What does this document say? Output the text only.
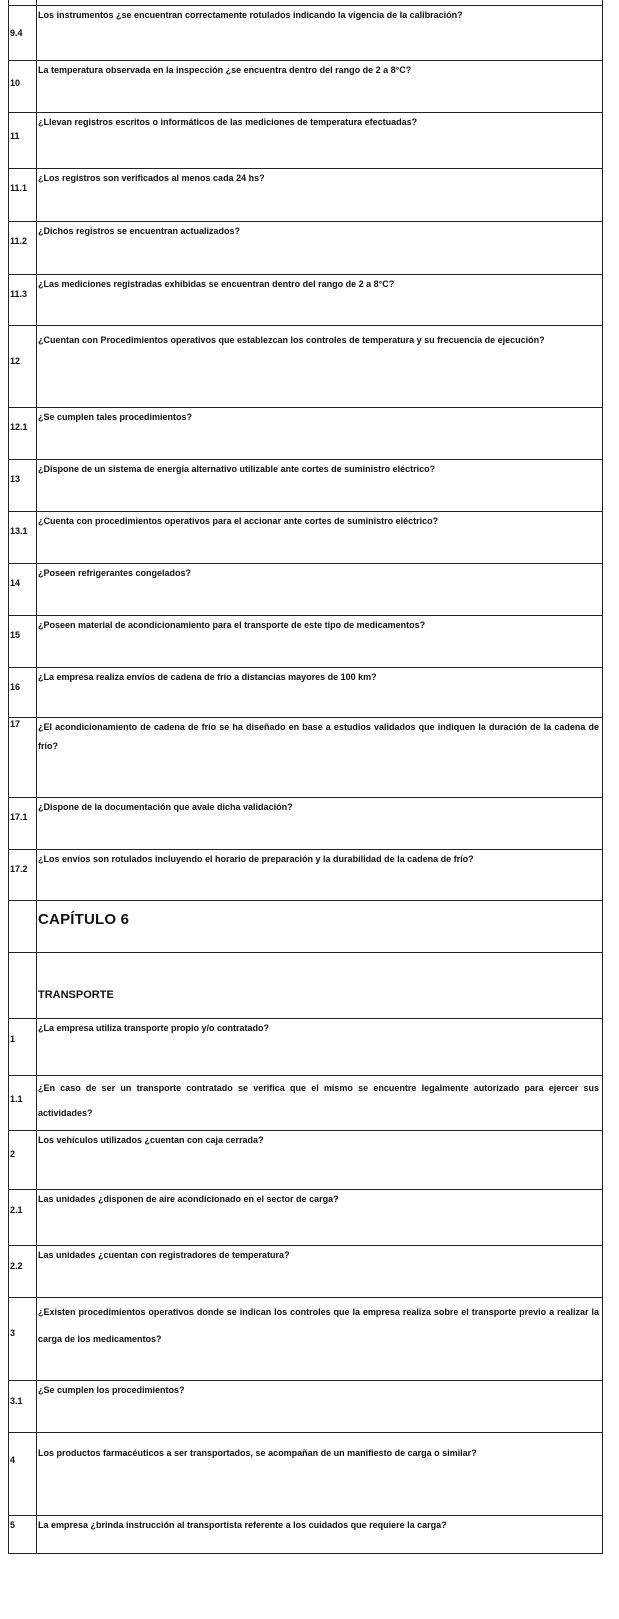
9.4
Los instrumentos ¿se encuentran correctamente rotulados indicando la vigencia de la calibración?
10
La temperatura observada en la inspección ¿se encuentra dentro del rango de 2 a 8°C?
11
¿Llevan registros escritos o informáticos de las mediciones de temperatura efectuadas?
11.1
¿Los registros son verificados al menos cada 24 hs?
11.2
¿Dichos registros se encuentran actualizados?
11.3
¿Las mediciones registradas exhibidas se encuentran dentro del rango de 2 a 8°C?
12
¿Cuentan con Procedimientos operativos que establezcan los controles de temperatura y su frecuencia de ejecución?
12.1
¿Se cumplen tales procedimientos?
13
¿Dispone de un sistema de energía alternativo utilizable ante cortes de suministro eléctrico?
13.1
¿Cuenta con procedimientos operativos para el accionar ante cortes de suministro eléctrico?
14
¿Poseen refrigerantes congelados?
15
¿Poseen material de acondicionamiento para el transporte de este tipo de medicamentos?
16
¿La empresa realiza envíos de cadena de frío a distancias mayores de 100 km?
17 ¿El acondicionamiento de cadena de frío se ha diseñado en base a estudios validados que indiquen la duración de la cadena de frío?
17.1
¿Dispone de la documentación que avale dicha validación?
17.2
¿Los envíos son rotulados incluyendo el horario de preparación y la durabilidad de la cadena de frío?
CAPÍTULO 6
TRANSPORTE
1
¿La empresa utiliza transporte propio y/o contratado?
1.1
¿En caso de ser un transporte contratado se verifica que el mismo se encuentre legalmente autorizado para ejercer sus actividades?
2
Los vehículos utilizados ¿cuentan con caja cerrada?
2.1
Las unidades ¿disponen de aire acondicionado en el sector de carga?
2.2
Las unidades ¿cuentan con registradores de temperatura?
3
¿Existen procedimientos operativos donde se indican los controles que la empresa realiza sobre el transporte previo a realizar la carga de los medicamentos?
3.1
¿Se cumplen los procedimientos?
4
Los productos farmacéuticos a ser transportados, se acompañan de un manifiesto de carga o similar?
5	La empresa ¿brinda instrucción al transportista referente a los cuidados que requiere la carga?
